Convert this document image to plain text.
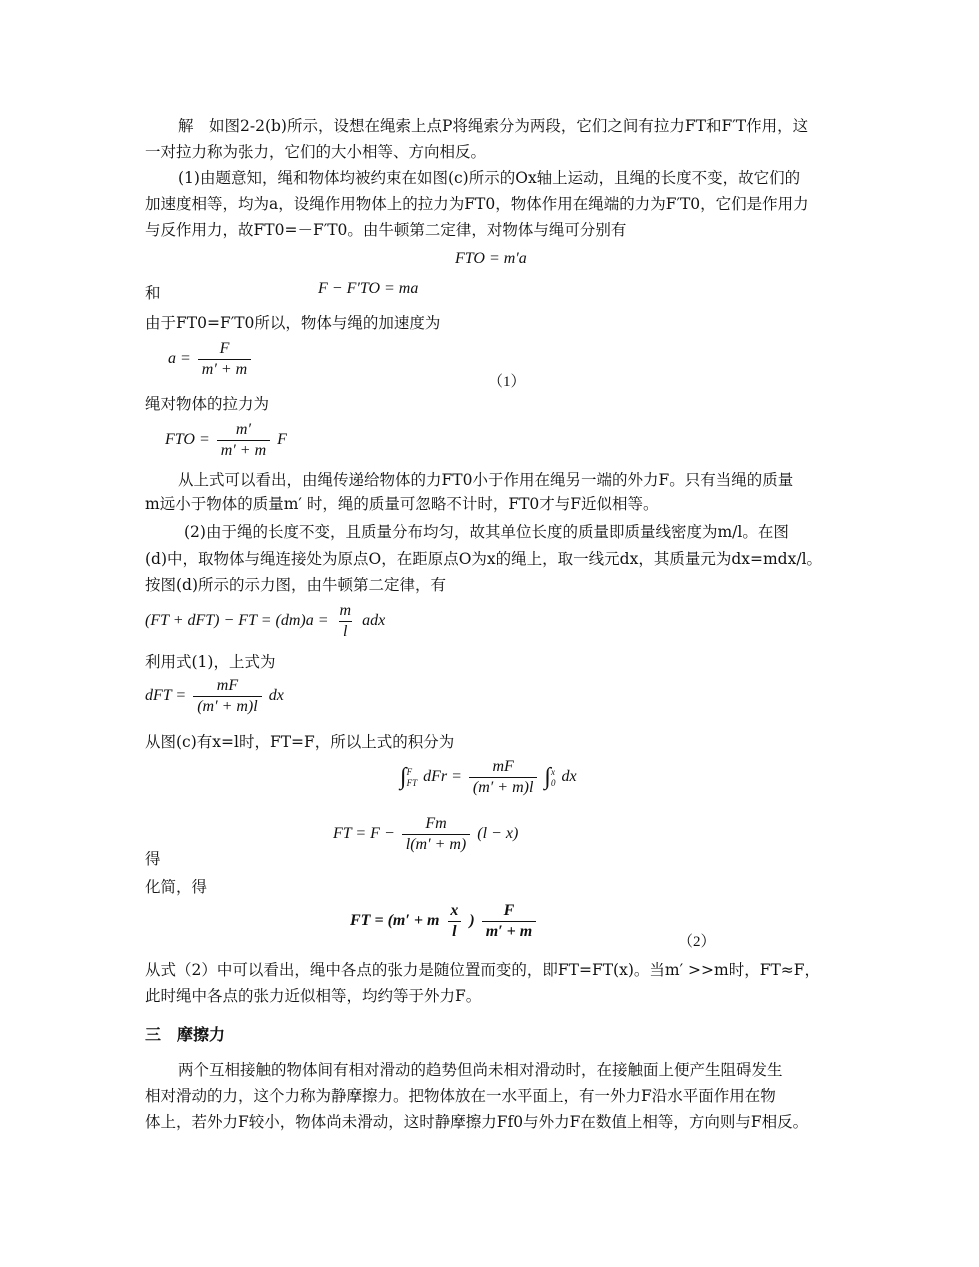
解　如图2-2(b)所示，设想在绳索上点P将绳索分为两段，它们之间有拉力FT和F′T作用，这
一对拉力称为张力，它们的大小相等、方向相反。
(1)由题意知，绳和物体均被约束在如图(c)所示的Ox轴上运动，且绳的长度不变，故它们的
加速度相等，均为a，设绳作用物体上的拉力为FT0，物体作用在绳端的力为F′T0，它们是作用力
与反作用力，故FT0=－F′T0。由牛顿第二定律，对物体与绳可分别有
FTO = m′a
和	F − F′TO = ma
由于FT0=F′T0所以，物体与绳的加速度为
$a = \frac{F}{m' + m}$
（1）
绳对物体的拉力为
FTO = $\frac{m'}{m' + m}$ F
从上式可以看出，由绳传递给物体的力FT0小于作用在绳另一端的外力F。只有当绳的质量
m远小于物体的质量m′ 时，绳的质量可忽略不计时，FT0才与F近似相等。
(2)由于绳的长度不变，且质量分布均匀，故其单位长度的质量即质量线密度为m/l。在图
(d)中，取物体与绳连接处为原点O，在距原点O为x的绳上，取一线元dx，其质量元为dx=mdx/l。
按图(d)所示的示力图，由牛顿第二定律，有
(FT + dFT) − FT = $(dm)a = \frac{m}{l}$ adx
利用式(1)，上式为
dFT = $\frac{mF}{(m' + m)l}$ dx
从图(c)有x=l时，FT=F，所以上式的积分为
∫ F
FT dFr = $\frac{mF}{(m' + m)l}$ ∫ x
0 dx
FT = $F - \frac{Fm}{l(m' + m)} (l - x)$
得
化简，得
FT = (m′ + m $\frac{x}{l}$ ) $\frac{F}{m' + m}$
（2）
从式（2）中可以看出，绳中各点的张力是随位置而变的，即FT=FT(x)。当m′ >>m时，FT≈F，
此时绳中各点的张力近似相等，均约等于外力F。
三　摩擦力
两个互相接触的物体间有相对滑动的趋势但尚未相对滑动时，在接触面上便产生阻碍发生
相对滑动的力，这个力称为静摩擦力。把物体放在一水平面上，有一外力F沿水平面作用在物
体上，若外力F较小，物体尚未滑动，这时静摩擦力Ff0与外力F在数值上相等，方向则与F相反。
